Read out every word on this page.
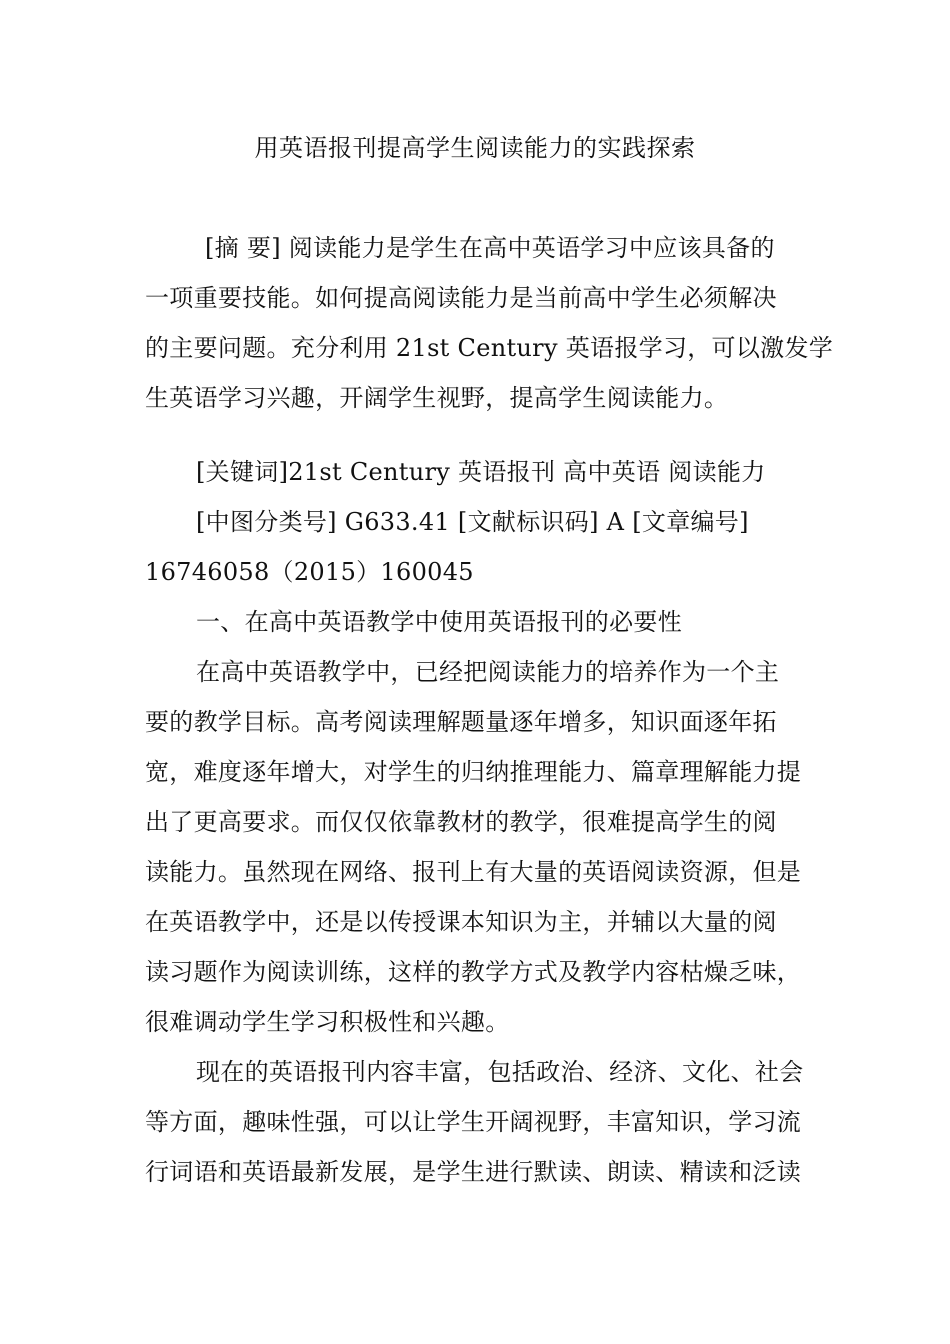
用英语报刊提高学生阅读能力的实践探索
[摘 要] 阅读能力是学生在高中英语学习中应该具备的
一项重要技能。如何提高阅读能力是当前高中学生必须解决
的主要问题。充分利用 21st Century 英语报学习，可以激发学
生英语学习兴趣，开阔学生视野，提高学生阅读能力。
[关键词]21st Century 英语报刊 高中英语 阅读能力
[中图分类号] G633.41 [文献标识码] A [文章编号]
16746058（2015）160045
一、在高中英语教学中使用英语报刊的必要性
在高中英语教学中，已经把阅读能力的培养作为一个主
要的教学目标。高考阅读理解题量逐年增多，知识面逐年拓
宽，难度逐年增大，对学生的归纳推理能力、篇章理解能力提
出了更高要求。而仅仅依靠教材的教学，很难提高学生的阅
读能力。虽然现在网络、报刊上有大量的英语阅读资源，但是
在英语教学中，还是以传授课本知识为主，并辅以大量的阅
读习题作为阅读训练，这样的教学方式及教学内容枯燥乏味，
很难调动学生学习积极性和兴趣。
现在的英语报刊内容丰富，包括政治、经济、文化、社会
等方面，趣味性强，可以让学生开阔视野，丰富知识，学习流
行词语和英语最新发展，是学生进行默读、朗读、精读和泛读
